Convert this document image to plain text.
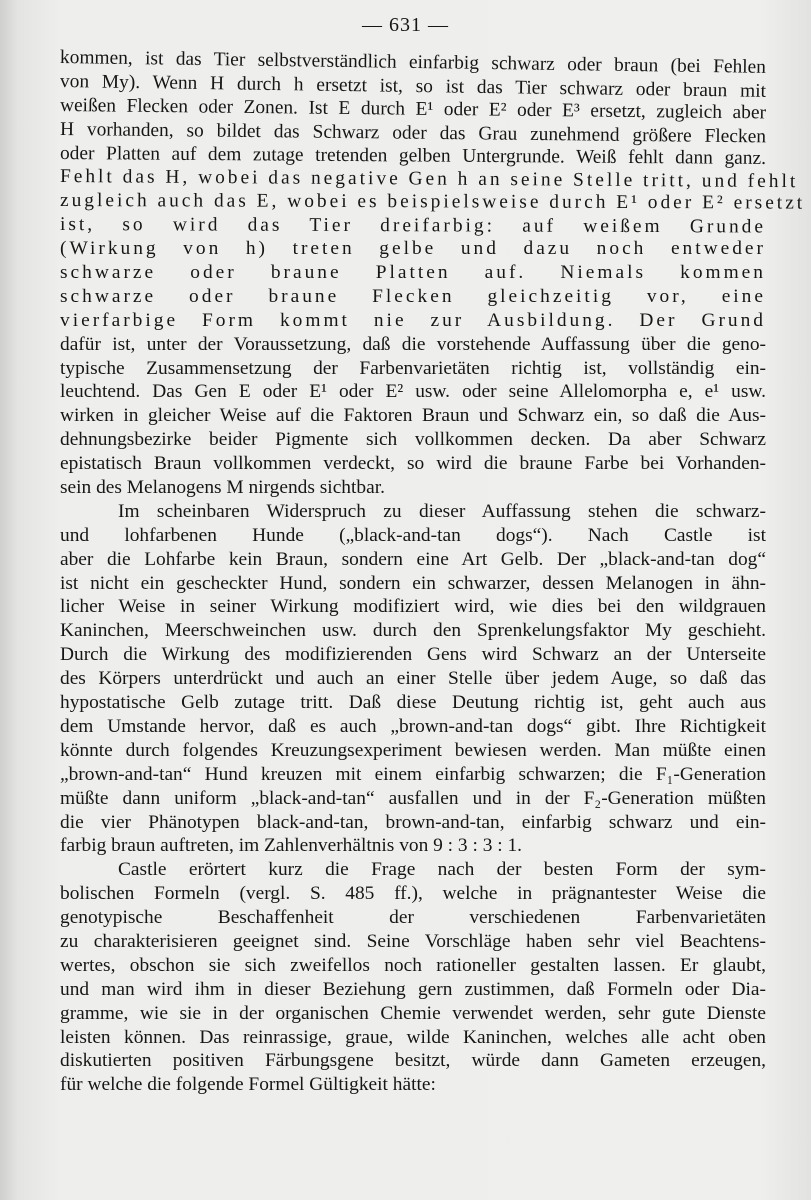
— 631 —
kommen, ist das Tier selbstverständlich einfarbig schwarz oder braun (bei Fehlen
von My). Wenn H durch h ersetzt ist, so ist das Tier schwarz oder braun mit
weißen Flecken oder Zonen. Ist E durch E¹ oder E² oder E³ ersetzt, zugleich aber
H vorhanden, so bildet das Schwarz oder das Grau zunehmend größere Flecken
oder Platten auf dem zutage tretenden gelben Untergrunde. Weiß fehlt dann ganz.
Fehlt das H, wobei das negative Gen h an seine Stelle tritt, und fehlt
zugleich auch das E, wobei es beispielsweise durch E¹ oder E² ersetzt
ist, so wird das Tier dreifarbig: auf weißem Grunde
(Wirkung von h) treten gelbe und dazu noch entweder
schwarze oder braune Platten auf. Niemals kommen
schwarze oder braune Flecken gleichzeitig vor, eine
vierfarbige Form kommt nie zur Ausbildung. Der Grund
dafür ist, unter der Voraussetzung, daß die vorstehende Auffassung über die geno-
typische Zusammensetzung der Farbenvarietäten richtig ist, vollständig ein-
leuchtend. Das Gen E oder E¹ oder E² usw. oder seine Allelomorpha e, e¹ usw.
wirken in gleicher Weise auf die Faktoren Braun und Schwarz ein, so daß die Aus-
dehnungsbezirke beider Pigmente sich vollkommen decken. Da aber Schwarz
epistatisch Braun vollkommen verdeckt, so wird die braune Farbe bei Vorhanden-
sein des Melanogens M nirgends sichtbar.
Im scheinbaren Widerspruch zu dieser Auffassung stehen die schwarz-
und lohfarbenen Hunde („black-and-tan dogs“). Nach Castle ist
aber die Lohfarbe kein Braun, sondern eine Art Gelb. Der „black-and-tan dog“
ist nicht ein gescheckter Hund, sondern ein schwarzer, dessen Melanogen in ähn-
licher Weise in seiner Wirkung modifiziert wird, wie dies bei den wildgrauen
Kaninchen, Meerschweinchen usw. durch den Sprenkelungsfaktor My geschieht.
Durch die Wirkung des modifizierenden Gens wird Schwarz an der Unterseite
des Körpers unterdrückt und auch an einer Stelle über jedem Auge, so daß das
hypostatische Gelb zutage tritt. Daß diese Deutung richtig ist, geht auch aus
dem Umstande hervor, daß es auch „brown-and-tan dogs“ gibt. Ihre Richtigkeit
könnte durch folgendes Kreuzungsexperiment bewiesen werden. Man müßte einen
„brown-and-tan“ Hund kreuzen mit einem einfarbig schwarzen; die F₁-Generation
müßte dann uniform „black-and-tan“ ausfallen und in der F₂-Generation müßten
die vier Phänotypen black-and-tan, brown-and-tan, einfarbig schwarz und ein-
farbig braun auftreten, im Zahlenverhältnis von 9 : 3 : 3 : 1.
Castle erörtert kurz die Frage nach der besten Form der sym-
bolischen Formeln (vergl. S. 485 ff.), welche in prägnantester Weise die
genotypische Beschaffenheit der verschiedenen Farbenvarietäten
zu charakterisieren geeignet sind. Seine Vorschläge haben sehr viel Beachtens-
wertes, obschon sie sich zweifellos noch rationeller gestalten lassen. Er glaubt,
und man wird ihm in dieser Beziehung gern zustimmen, daß Formeln oder Dia-
gramme, wie sie in der organischen Chemie verwendet werden, sehr gute Dienste
leisten können. Das reinrassige, graue, wilde Kaninchen, welches alle acht oben
diskutierten positiven Färbungsgene besitzt, würde dann Gameten erzeugen,
für welche die folgende Formel Gültigkeit hätte:
